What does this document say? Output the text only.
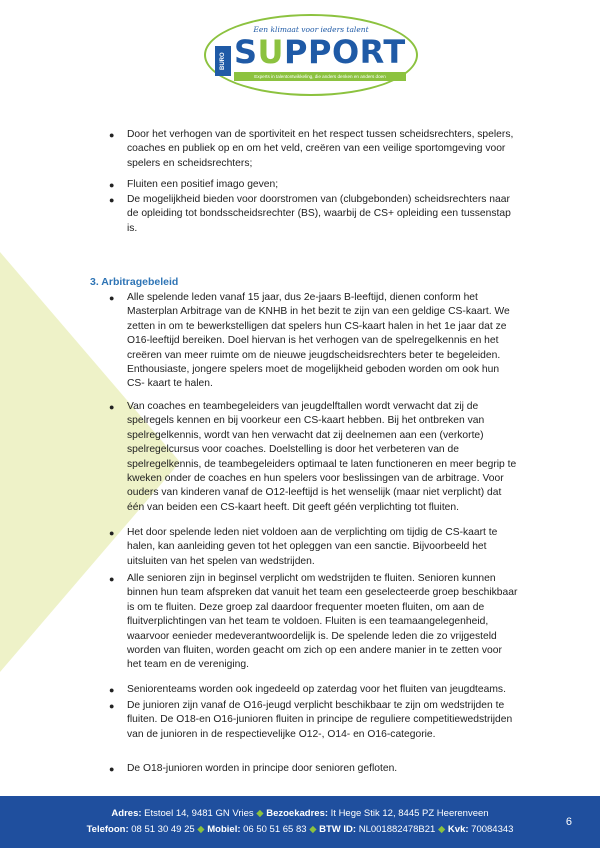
Een klimaat voor ieders talent
BURO SUPPORT
Experts in talentontwikkeling, die anders denken en anders doen
● Door het verhogen van de sportiviteit en het respect tussen scheidsrechters, spelers, coaches en publiek op en om het veld, creëren van een veilige sportomgeving voor spelers en scheidsrechters;
● Fluiten een positief imago geven;
● De mogelijkheid bieden voor doorstromen van (clubgebonden) scheidsrechters naar de opleiding tot bondsscheidsrechter (BS), waarbij de CS+ opleiding een tussenstap is.
3. Arbitragebeleid
● Alle spelende leden vanaf 15 jaar, dus 2e-jaars B-leeftijd, dienen conform het Masterplan Arbitrage van de KNHB in het bezit te zijn van een geldige CS-kaart. We zetten in om te bewerkstelligen dat spelers hun CS-kaart halen in het 1e jaar dat ze O16-leeftijd bereiken. Doel hiervan is het verhogen van de spelregelkennis en het creëren van meer ruimte om de nieuwe jeugdscheidsrechters beter te begeleiden. Enthousiaste, jongere spelers moet de mogelijkheid geboden worden om ook hun CS- kaart te halen.
● Van coaches en teambegeleiders van jeugdelftallen wordt verwacht dat zij de spelregels kennen en bij voorkeur een CS-kaart hebben. Bij het ontbreken van spelregelkennis, wordt van hen verwacht dat zij deelnemen aan een (verkorte) spelregelcursus voor coaches. Doelstelling is door het verbeteren van de spelregelkennis, de teambegeleiders optimaal te laten functioneren en meer begrip te kweken onder de coaches en hun spelers voor beslissingen van de arbitrage. Voor ouders van kinderen vanaf de O12-leeftijd is het wenselijk (maar niet verplicht) dat één van beiden een CS-kaart heeft. Dit geeft géén verplichting tot fluiten.
● Het door spelende leden niet voldoen aan de verplichting om tijdig de CS-kaart te halen, kan aanleiding geven tot het opleggen van een sanctie. Bijvoorbeeld het uitsluiten van het spelen van wedstrijden.
● Alle senioren zijn in beginsel verplicht om wedstrijden te fluiten. Senioren kunnen binnen hun team afspreken dat vanuit het team een geselecteerde groep beschikbaar is om te fluiten. Deze groep zal daardoor frequenter moeten fluiten, om aan de fluitverplichtingen van het team te voldoen. Fluiten is een teamaangelegenheid, waarvoor eenieder medeverantwoordelijk is. De spelende leden die zo vrijgesteld worden van fluiten, worden geacht om zich op een andere manier in te zetten voor het team en de vereniging.
● Seniorenteams worden ook ingedeeld op zaterdag voor het fluiten van jeugdteams.
● De junioren zijn vanaf de O16-jeugd verplicht beschikbaar te zijn om wedstrijden te fluiten. De O18-en O16-junioren fluiten in principe de reguliere competitiewedstrijden van de junioren in de respectievelijke O12-, O14- en O16-categorie.
● De O18-junioren worden in principe door senioren gefloten.
Adres: Etstoel 14, 9481 GN Vries ◆ Bezoekadres: It Hege Stik 12, 8445 PZ Heerenveen
Telefoon: 08 51 30 49 25 ◆ Mobiel: 06 50 51 65 83 ◆ BTW ID: NL001882478B21 ◆ Kvk: 70084343
6
